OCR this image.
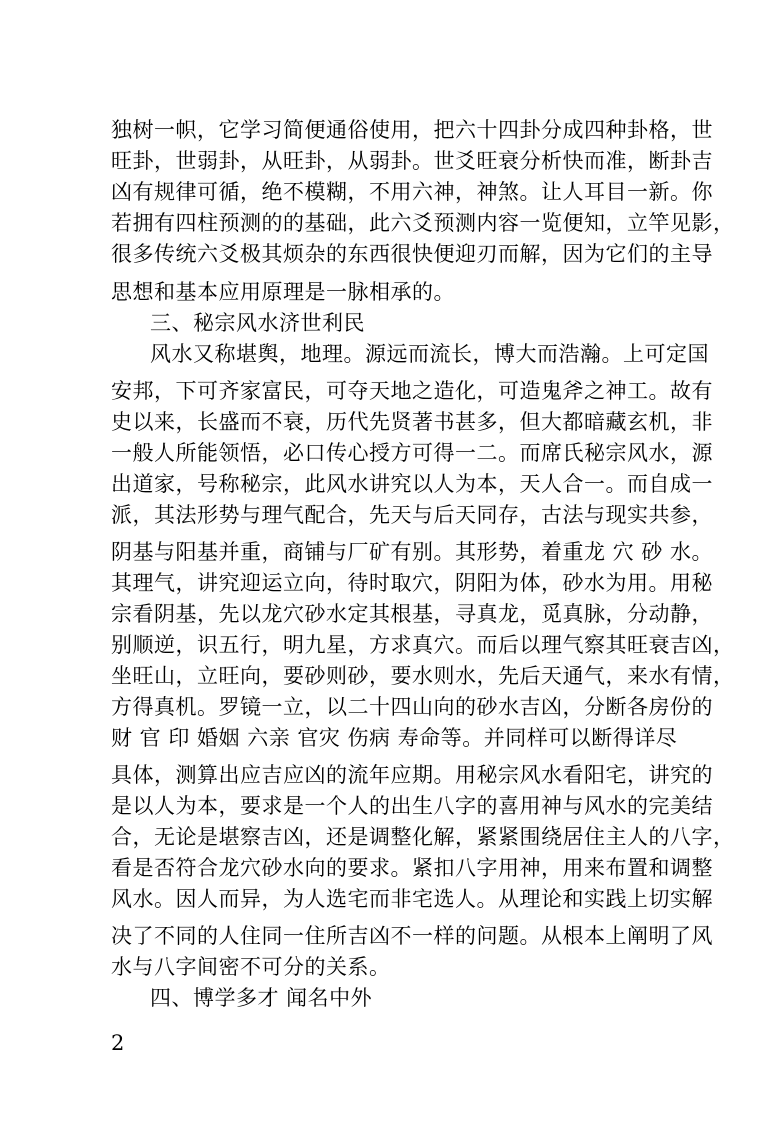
独树一帜，它学习简便通俗使用，把六十四卦分成四种卦格，世
旺卦，世弱卦，从旺卦，从弱卦。世爻旺衰分析快而准，断卦吉
凶有规律可循，绝不模糊，不用六神，神煞。让人耳目一新。你
若拥有四柱预测的的基础，此六爻预测内容一览便知，立竿见影，
很多传统六爻极其烦杂的东西很快便迎刃而解，因为它们的主导
思想和基本应用原理是一脉相承的。
三、秘宗风水济世利民
风水又称堪舆，地理。源远而流长，博大而浩瀚。上可定国
安邦，下可齐家富民，可夺天地之造化，可造鬼斧之神工。故有
史以来，长盛而不衰，历代先贤著书甚多，但大都暗藏玄机，非
一般人所能领悟，必口传心授方可得一二。而席氏秘宗风水，源
出道家，号称秘宗，此风水讲究以人为本，天人合一。而自成一
派，其法形势与理气配合，先天与后天同存，古法与现实共参，
阴基与阳基并重，商铺与厂矿有别。其形势，着重龙 穴 砂 水。
其理气，讲究迎运立向，待时取穴，阴阳为体，砂水为用。用秘
宗看阴基，先以龙穴砂水定其根基，寻真龙，觅真脉，分动静，
别顺逆，识五行，明九星，方求真穴。而后以理气察其旺衰吉凶，
坐旺山，立旺向，要砂则砂，要水则水，先后天通气，来水有情，
方得真机。罗镜一立，以二十四山向的砂水吉凶，分断各房份的
财 官 印 婚姻 六亲 官灾 伤病 寿命等。并同样可以断得详尽
具体，测算出应吉应凶的流年应期。用秘宗风水看阳宅，讲究的
是以人为本，要求是一个人的出生八字的喜用神与风水的完美结
合，无论是堪察吉凶，还是调整化解，紧紧围绕居住主人的八字，
看是否符合龙穴砂水向的要求。紧扣八字用神，用来布置和调整
风水。因人而异，为人选宅而非宅选人。从理论和实践上切实解
决了不同的人住同一住所吉凶不一样的问题。从根本上阐明了风
水与八字间密不可分的关系。
四、博学多才 闻名中外
2
